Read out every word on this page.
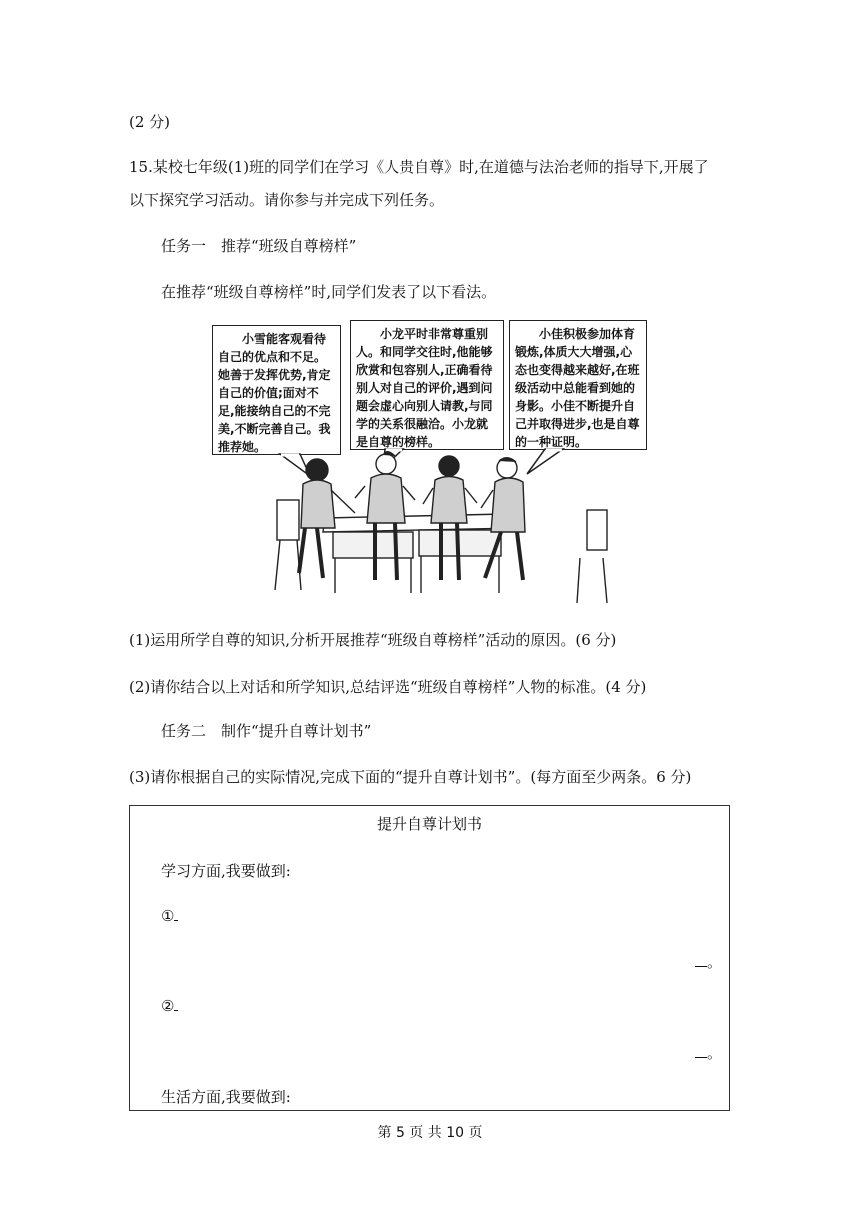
(2 分)
15.某校七年级(1)班的同学们在学习《人贵自尊》时,在道德与法治老师的指导下,开展了
以下探究学习活动。请你参与并完成下列任务。
任务一　推荐“班级自尊榜样”
在推荐“班级自尊榜样”时,同学们发表了以下看法。
小雪能客观看待自己的优点和不足。她善于发挥优势,肯定自己的价值;面对不足,能接纳自己的不完美,不断完善自己。我推荐她。
小龙平时非常尊重别人。和同学交往时,他能够欣赏和包容别人,正确看待别人对自己的评价,遇到问题会虚心向别人请教,与同学的关系很融洽。小龙就是自尊的榜样。
小佳积极参加体育锻炼,体质大大增强,心态也变得越来越好,在班级活动中总能看到她的身影。小佳不断提升自己并取得进步,也是自尊的一种证明。
(1)运用所学自尊的知识,分析开展推荐“班级自尊榜样”活动的原因。(6 分)
(2)请你结合以上对话和所学知识,总结评选“班级自尊榜样”人物的标准。(4 分)
任务二　制作“提升自尊计划书”
(3)请你根据自己的实际情况,完成下面的“提升自尊计划书”。(每方面至少两条。6 分)
提升自尊计划书
学习方面,我要做到:
①
。
②
。
生活方面,我要做到:
第 5 页 共 10 页
